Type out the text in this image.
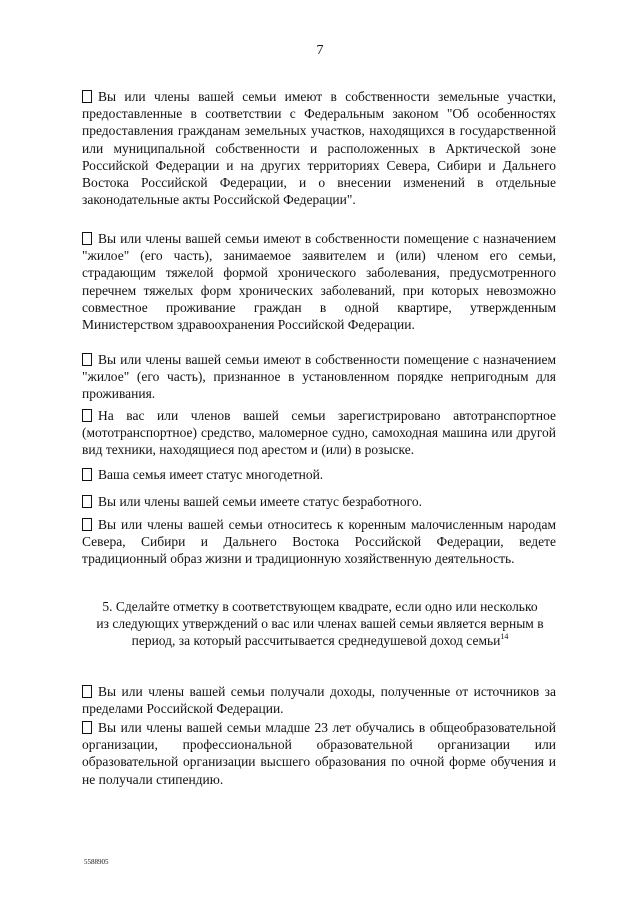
7

Вы или члены вашей семьи имеют в собственности земельные участки, предоставленные в соответствии с Федеральным законом "Об особенностях предоставления гражданам земельных участков, находящихся в государственной или муниципальной собственности и расположенных в Арктической зоне Российской Федерации и на других территориях Севера, Сибири и Дальнего Востока Российской Федерации, и о внесении изменений в отдельные законодательные акты Российской Федерации".

Вы или члены вашей семьи имеют в собственности помещение с назначением "жилое" (его часть), занимаемое заявителем и (или) членом его семьи, страдающим тяжелой формой хронического заболевания, предусмотренного перечнем тяжелых форм хронических заболеваний, при которых невозможно совместное проживание граждан в одной квартире, утвержденным Министерством здравоохранения Российской Федерации.

Вы или члены вашей семьи имеют в собственности помещение с назначением "жилое" (его часть), признанное в установленном порядке непригодным для проживания.

На вас или членов вашей семьи зарегистрировано автотранспортное (мототранспортное) средство, маломерное судно, самоходная машина или другой вид техники, находящиеся под арестом и (или) в розыске.

Ваша семья имеет статус многодетной.

Вы или члены вашей семьи имеете статус безработного.

Вы или члены вашей семьи относитесь к коренным малочисленным народам Севера, Сибири и Дальнего Востока Российской Федерации, ведете традиционный образ жизни и традиционную хозяйственную деятельность.

5. Сделайте отметку в соответствующем квадрате, если одно или несколько из следующих утверждений о вас или членах вашей семьи является верным в период, за который рассчитывается среднедушевой доход семьи$^{14}$

Вы или члены вашей семьи получали доходы, полученные от источников за пределами Российской Федерации.

Вы или члены вашей семьи младше 23 лет обучались в общеобразовательной организации, профессиональной образовательной организации или образовательной организации высшего образования по очной форме обучения и не получали стипендию.

5588905
